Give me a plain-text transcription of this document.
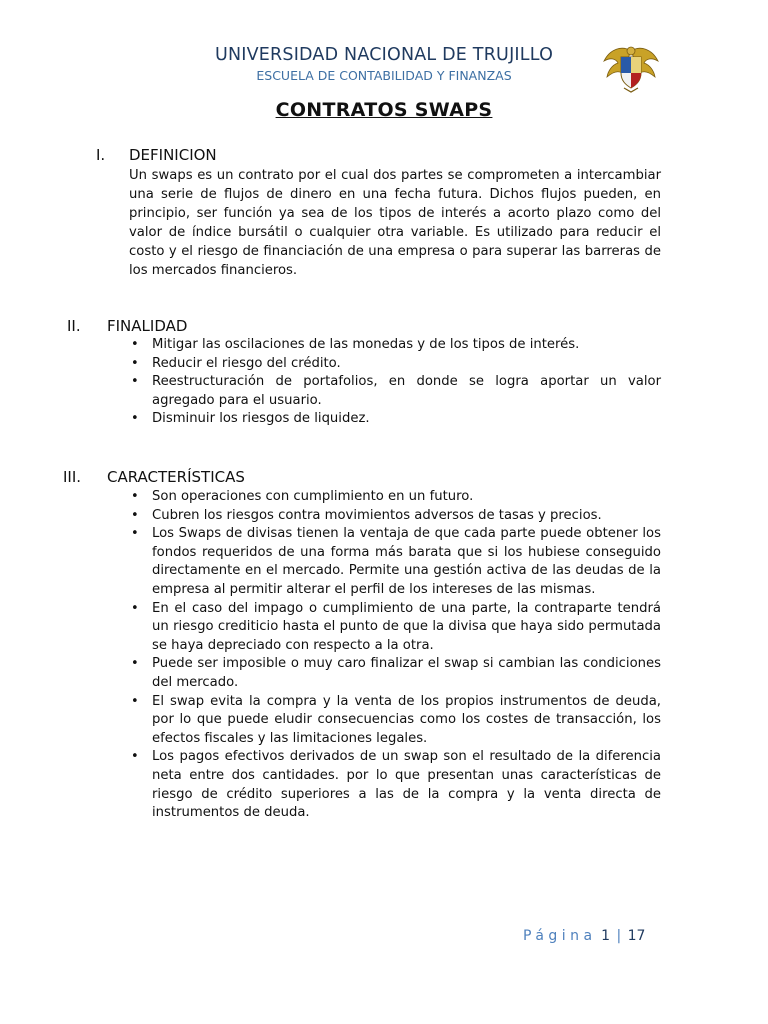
UNIVERSIDAD NACIONAL DE TRUJILLO
ESCUELA DE CONTABILIDAD Y FINANZAS
CONTRATOS SWAPS
I. DEFINICION
Un swaps es un contrato por el cual dos partes se comprometen a intercambiar una serie de flujos de dinero en una fecha futura. Dichos flujos pueden, en principio, ser función ya sea de los tipos de interés a acorto plazo como del valor de índice bursátil o cualquier otra variable. Es utilizado para reducir el costo y el riesgo de financiación de una empresa o para superar las barreras de los mercados financieros.
II. FINALIDAD
• Mitigar las oscilaciones de las monedas y de los tipos de interés.
• Reducir el riesgo del crédito.
• Reestructuración de portafolios, en donde se logra aportar un valor agregado para el usuario.
• Disminuir los riesgos de liquidez.
III. CARACTERÍSTICAS
• Son operaciones con cumplimiento en un futuro.
• Cubren los riesgos contra movimientos adversos de tasas y precios.
• Los Swaps de divisas tienen la ventaja de que cada parte puede obtener los fondos requeridos de una forma más barata que si los hubiese conseguido directamente en el mercado. Permite una gestión activa de las deudas de la empresa al permitir alterar el perfil de los intereses de las mismas.
• En el caso del impago o cumplimiento de una parte, la contraparte tendrá un riesgo crediticio hasta el punto de que la divisa que haya sido permutada se haya depreciado con respecto a la otra.
• Puede ser imposible o muy caro finalizar el swap si cambian las condiciones del mercado.
• El swap evita la compra y la venta de los propios instrumentos de deuda, por lo que puede eludir consecuencias como los costes de transacción, los efectos fiscales y las limitaciones legales.
• Los pagos efectivos derivados de un swap son el resultado de la diferencia neta entre dos cantidades. por lo que presentan unas características de riesgo de crédito superiores a las de la compra y la venta directa de instrumentos de deuda.
Página 1 | 17
